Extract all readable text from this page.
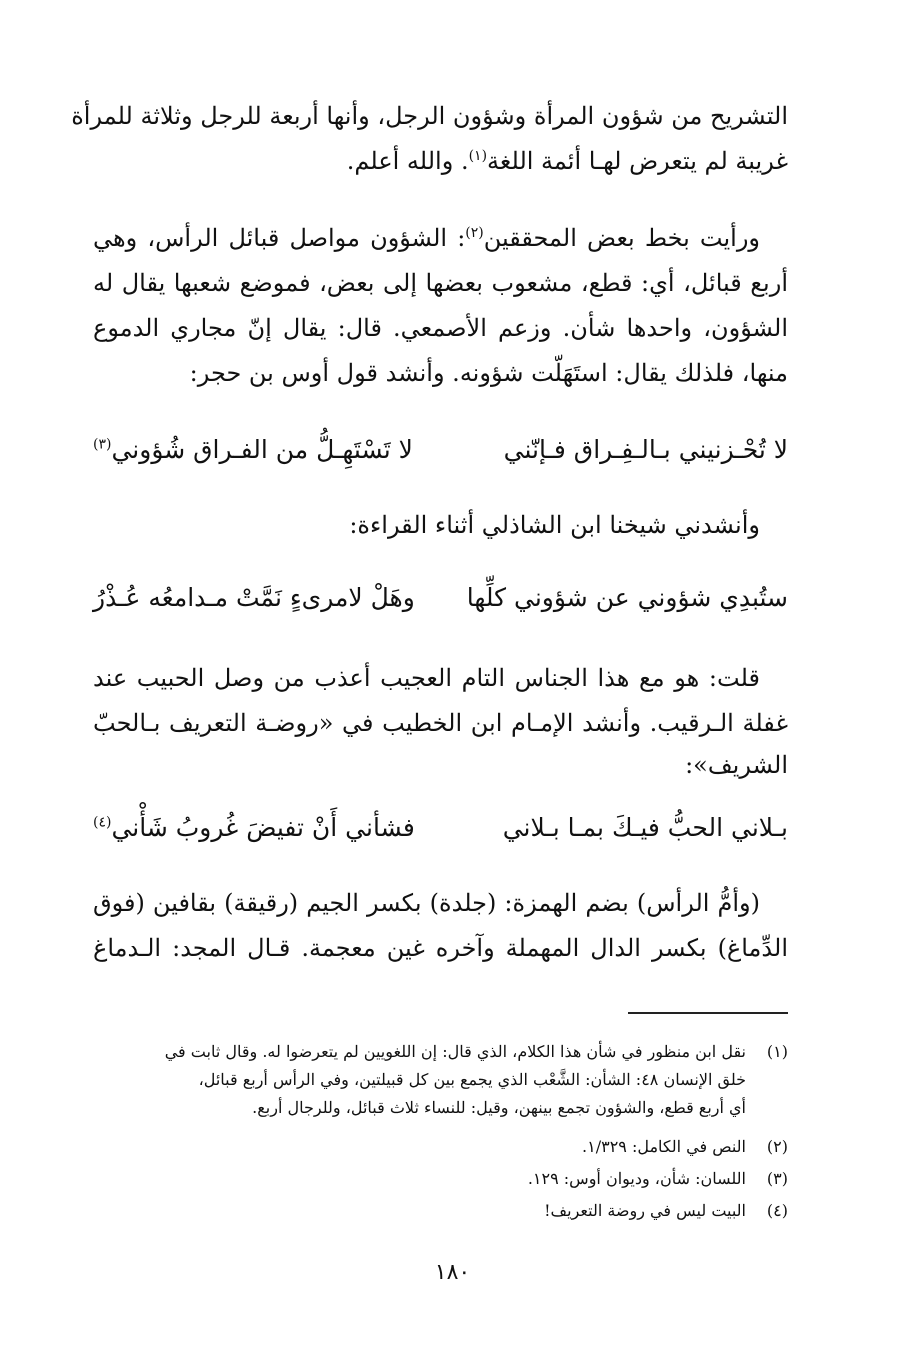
التشريح من شؤون المرأة وشؤون الرجل، وأنها أربعة للرجل وثلاثة للمرأة
غريبة لم يتعرض لهـا أئمة اللغة$^{(١)}$. والله أعلم.
ورأيت بخط بعض المحققين$^{(٢)}$: الشؤون مواصل قبائل الرأس، وهي
أربع قبائل، أي: قطع، مشعوب بعضها إلى بعض، فموضع شعبها يقال له
الشؤون، واحدها شأن. وزعم الأصمعي. قال: يقال إنّ مجاري الدموع
منها، فلذلك يقال: استَهَلّت شؤونه. وأنشد قول أوس بن حجر:
لا تُحْـزنيني بـالـفِـراق فـإنّني
لا تَسْتَهِـلُّ من الفـراق شُؤوني$^{(٣)}$
وأنشدني شيخنا ابن الشاذلي أثناء القراءة:
ستُبدِي شؤوني عن شؤوني كلِّها
وهَلْ لامرىءٍ نَمَّتْ مـدامعُه عُـذْرُ
قلت: هو مع هذا الجناس التام العجيب أعذب من وصل الحبيب عند
غفلة الـرقيب. وأنشد الإمـام ابن الخطيب في «روضـة التعريف بـالحبّ
الشريف»:
بـلاني الحبُّ فيـكَ بمـا بـلاني
فشأني أَنْ تفيضَ غُروبُ شَأْني$^{(٤)}$
(وأمُّ الرأس) بضم الهمزة: (جلدة) بكسر الجيم (رقيقة) بقافين (فوق
الدِّماغ) بكسر الدال المهملة وآخره غين معجمة. قـال المجد: الـدماغ
(١)
نقل ابن منظور في شأن هذا الكلام، الذي قال: إن اللغويين لم يتعرضوا له. وقال ثابت في
خلق الإنسان ٤٨: الشأن: الشَّعْب الذي يجمع بين كل قبيلتين، وفي الرأس أربع قبائل،
أي أربع قطع، والشؤون تجمع بينهن، وقيل: للنساء ثلاث قبائل، وللرجال أربع.
(٢)
النص في الكامل: ١/٣٢٩.
(٣)
اللسان: شأن، وديوان أوس: ١٢٩.
(٤)
البيت ليس في روضة التعريف!
١٨٠
